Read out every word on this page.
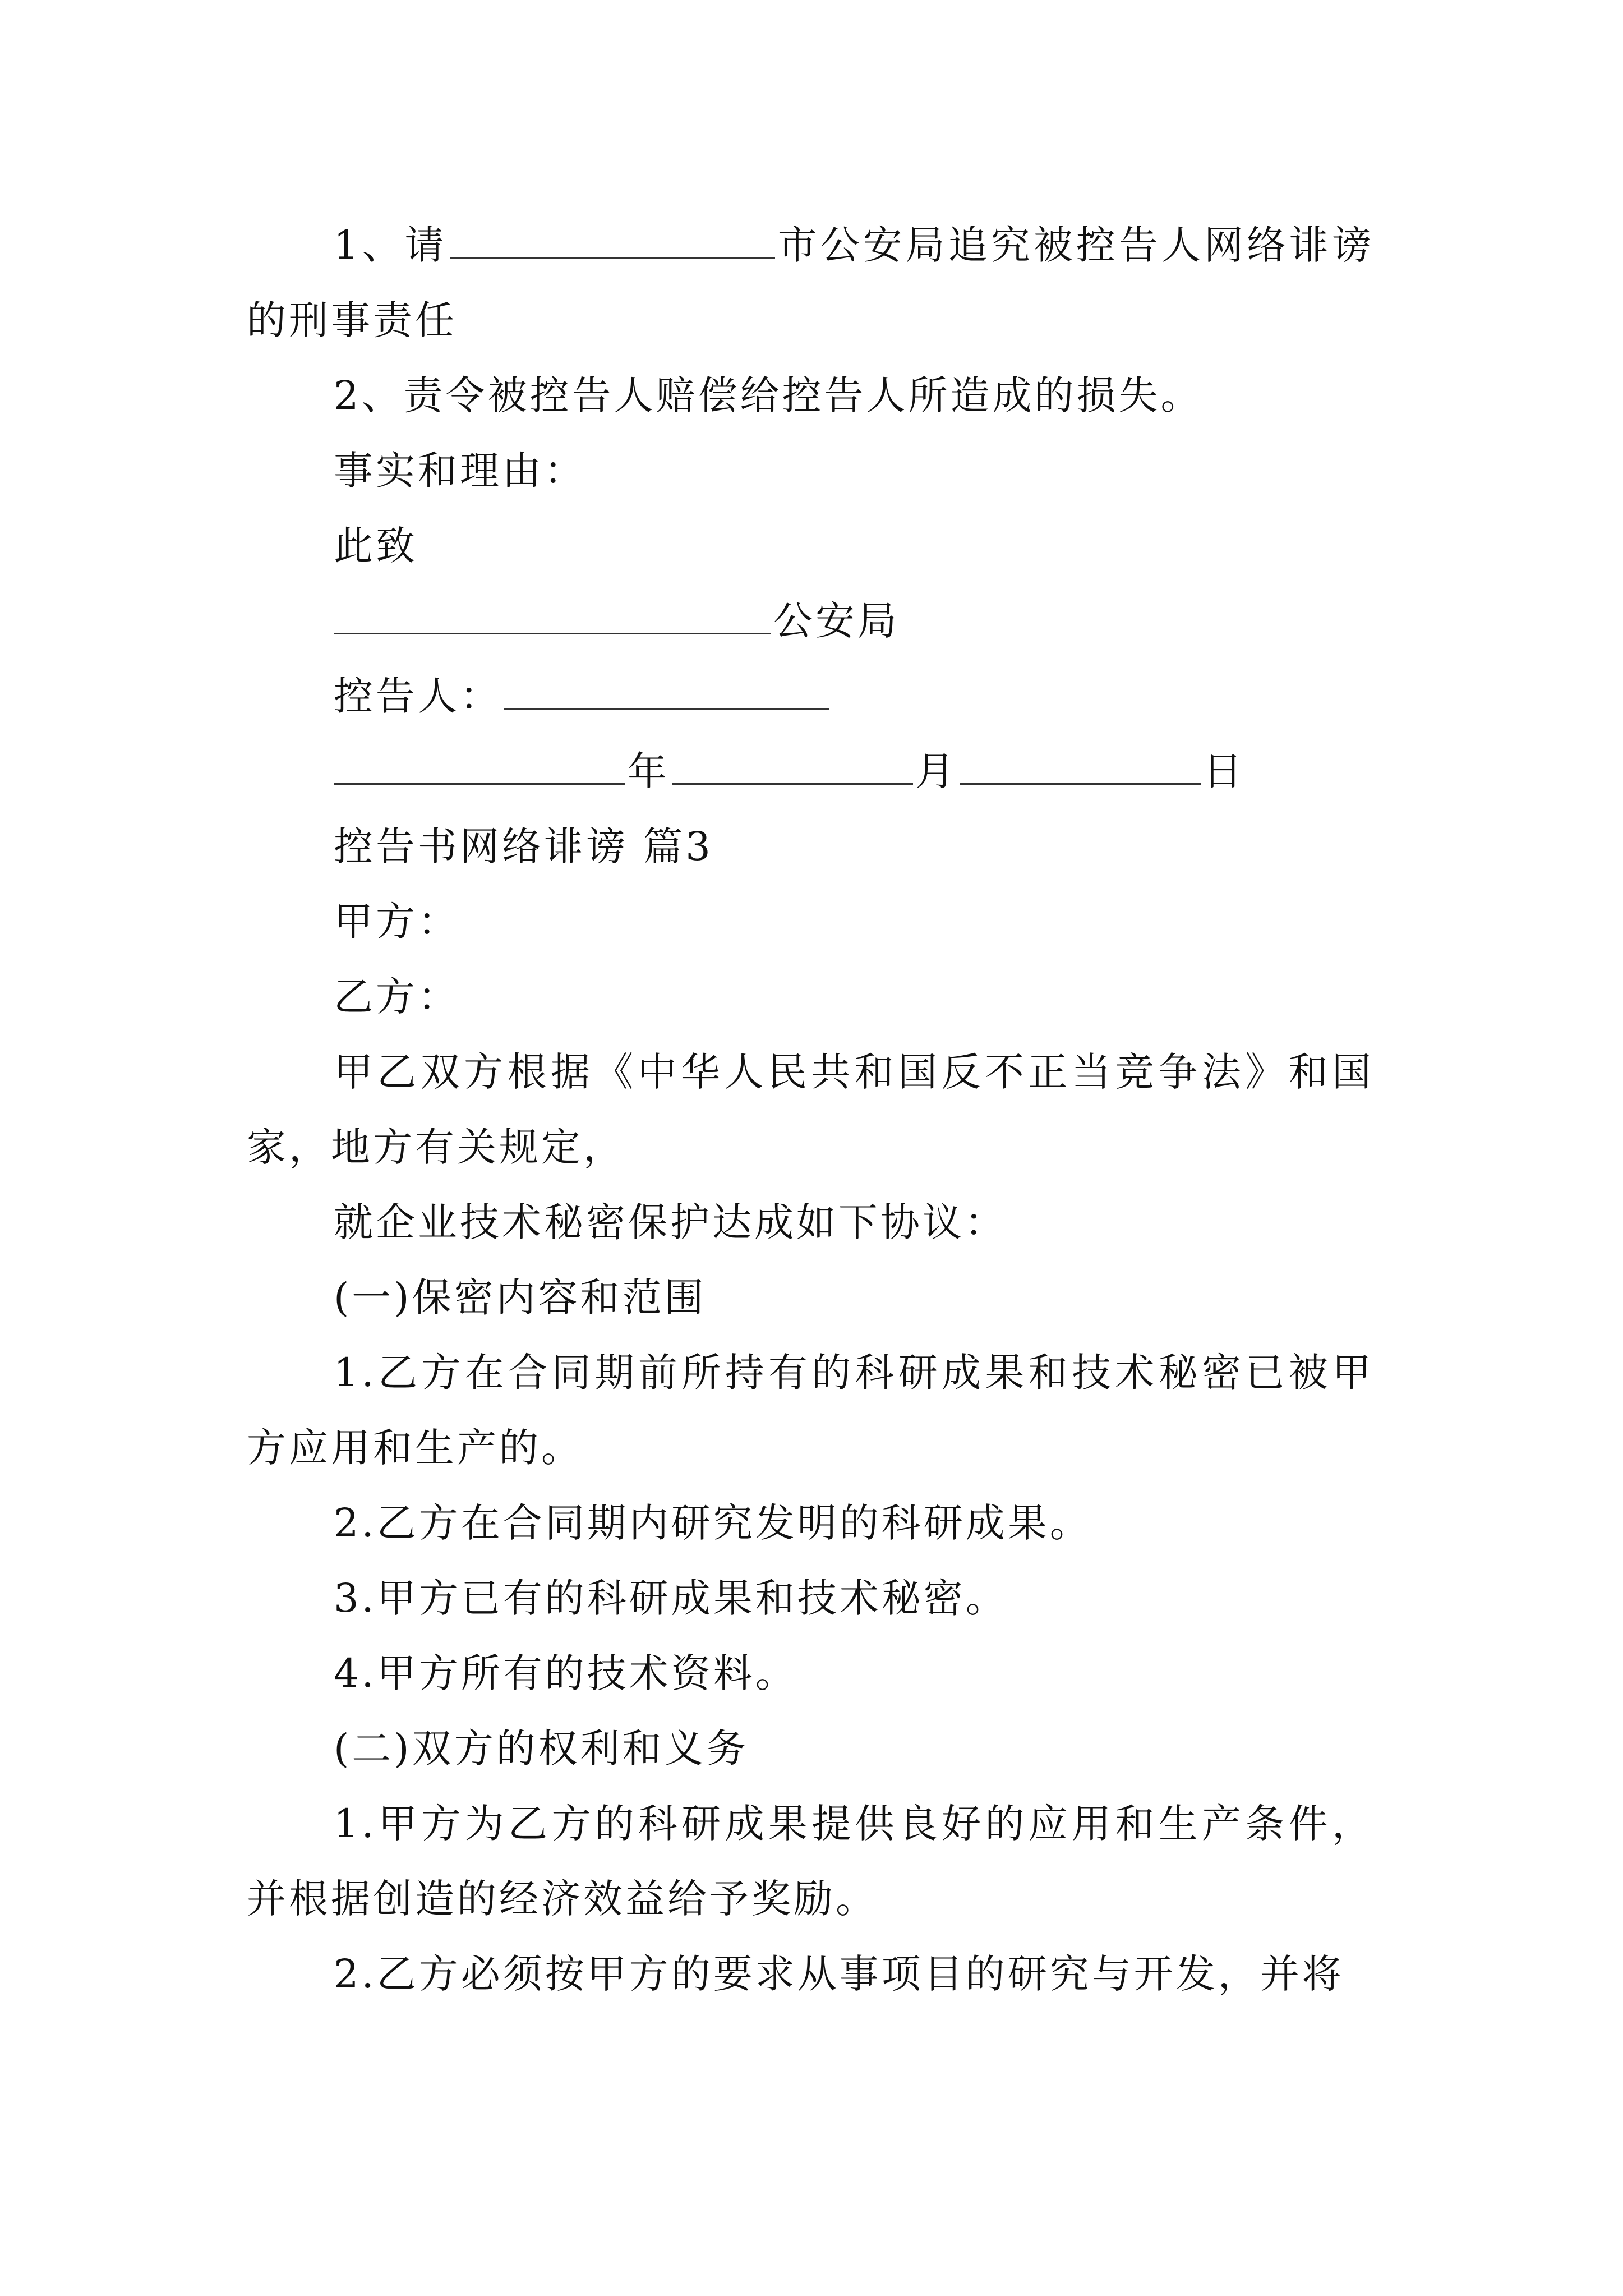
1、请	市公安局追究被控告人网络诽谤的刑事责任

2、责令被控告人赔偿给控告人所造成的损失。

事实和理由：

此致

公安局

控告人：

年	月	日

控告书网络诽谤 篇3

甲方：

乙方：

甲乙双方根据《中华人民共和国反不正当竞争法》和国家，地方有关规定，

就企业技术秘密保护达成如下协议：

(一)保密内容和范围

1.乙方在合同期前所持有的科研成果和技术秘密已被甲方应用和生产的。

2.乙方在合同期内研究发明的科研成果。

3.甲方已有的科研成果和技术秘密。

4.甲方所有的技术资料。

(二)双方的权利和义务

1.甲方为乙方的科研成果提供良好的应用和生产条件，并根据创造的经济效益给予奖励。

2.乙方必须按甲方的要求从事项目的研究与开发，并将
